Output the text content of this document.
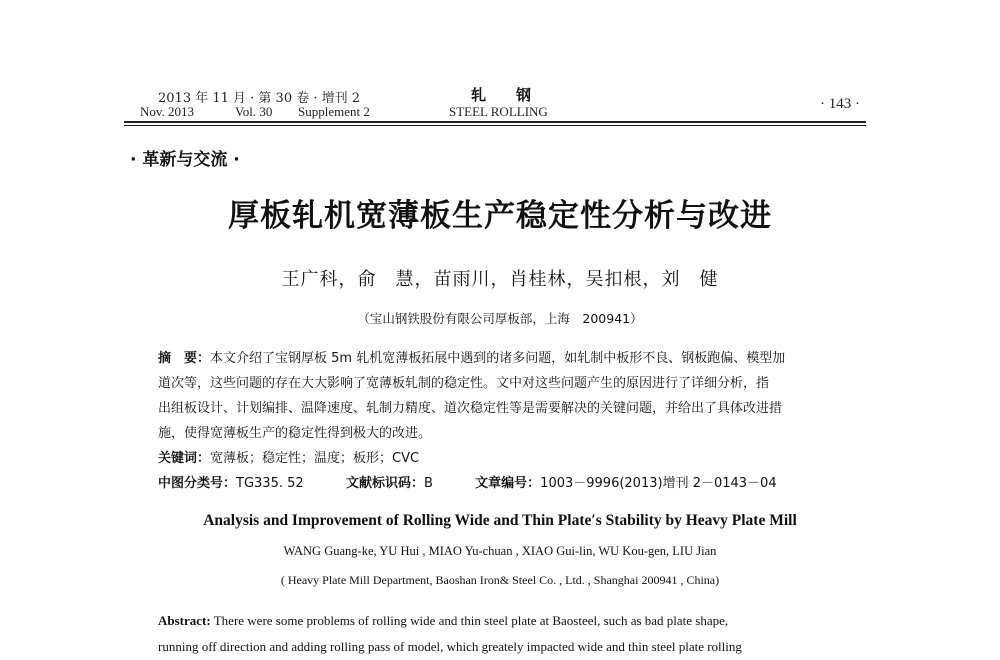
2013 年 11 月 · 第 30 卷 · 增刊 2	轧　　钢
Nov. 2013	Vol. 30 Supplement 2	STEEL ROLLING	· 143 ·
· 革新与交流 ·
厚板轧机宽薄板生产稳定性分析与改进
王广科，俞　慧，苗雨川，肖桂林，吴扣根，刘　健
（宝山钢铁股份有限公司厚板部，上海　200941）
摘　要：本文介绍了宝钢厚板 5m 轧机宽薄板拓展中遇到的诸多问题，如轧制中板形不良、钢板跑偏、模型加
道次等，这些问题的存在大大影响了宽薄板轧制的稳定性。文中对这些问题产生的原因进行了详细分析，指
出组板设计、计划编排、温降速度、轧制力精度、道次稳定性等是需要解决的关键问题，并给出了具体改进措
施，使得宽薄板生产的稳定性得到极大的改进。
关键词：宽薄板；稳定性；温度；板形；CVC
中图分类号：TG335. 52	文献标识码：B	文章编号：1003－9996(2013)增刊 2－0143－04
Analysis and Improvement of Rolling Wide and Thin Plate′s Stability by Heavy Plate Mill
WANG Guang-ke, YU Hui , MIAO Yu-chuan , XIAO Gui-lin, WU Kou-gen, LIU Jian
( Heavy Plate Mill Department, Baoshan Iron& Steel Co. , Ltd. , Shanghai 200941 , China)
Abstract: There were some problems of rolling wide and thin steel plate at Baosteel, such as bad plate shape,
running off direction and adding rolling pass of model, which greately impacted wide and thin steel plate rolling
